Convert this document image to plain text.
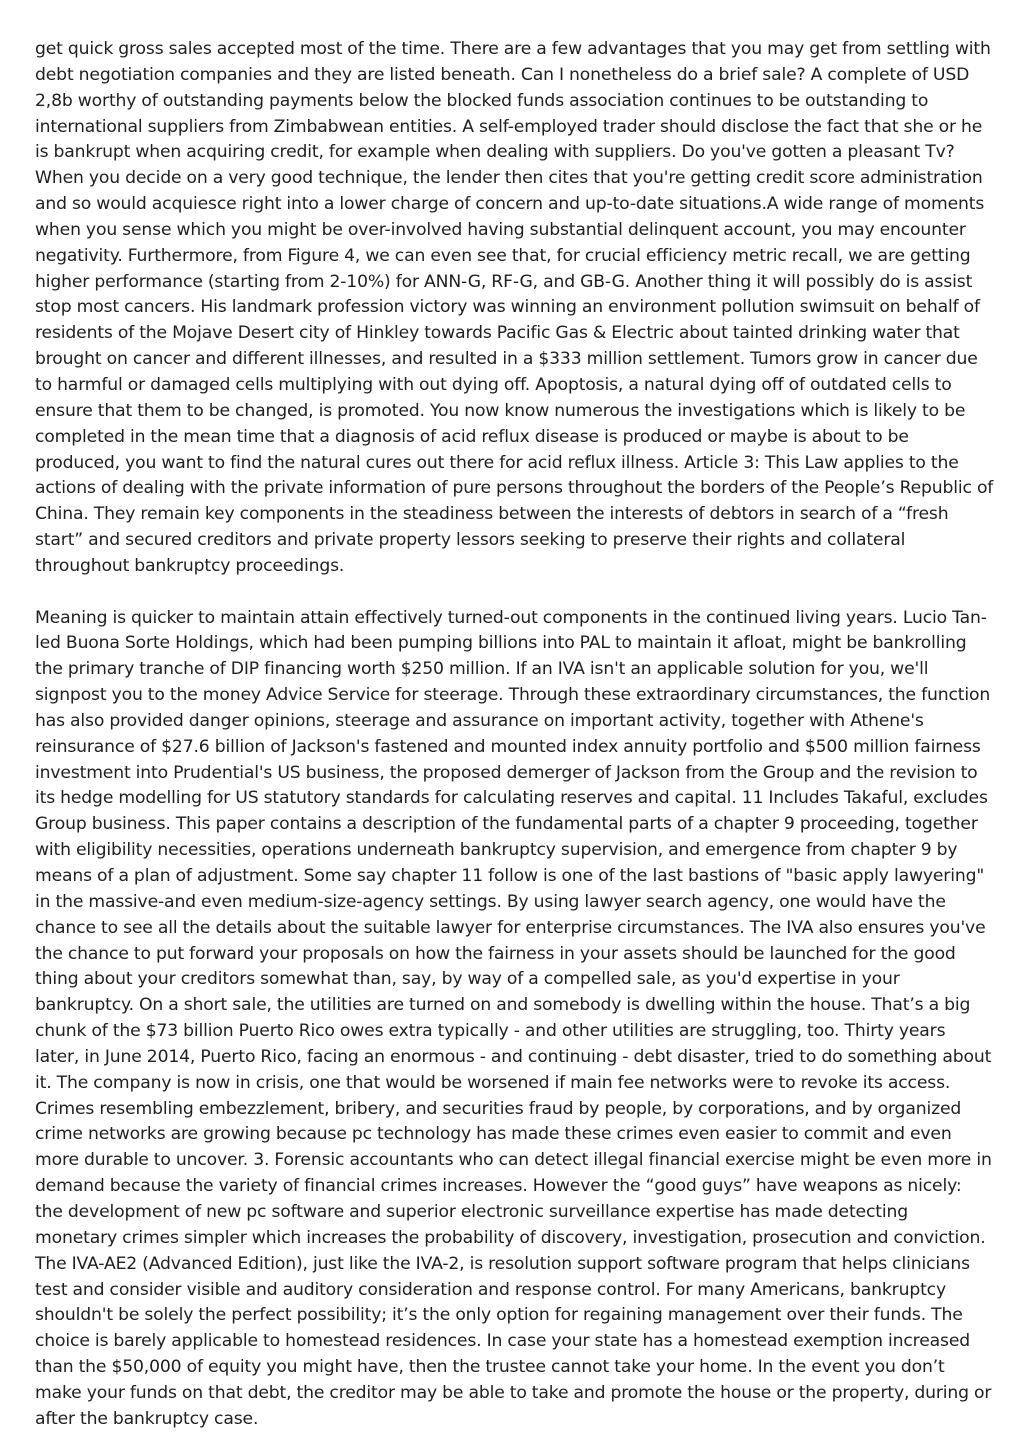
get quick gross sales accepted most of the time. There are a few advantages that you may get from settling with debt negotiation companies and they are listed beneath. Can I nonetheless do a brief sale? A complete of USD 2,8b worthy of outstanding payments below the blocked funds association continues to be outstanding to international suppliers from Zimbabwean entities. A self-employed trader should disclose the fact that she or he is bankrupt when acquiring credit, for example when dealing with suppliers. Do you've gotten a pleasant Tv? When you decide on a very good technique, the lender then cites that you're getting credit score administration and so would acquiesce right into a lower charge of concern and up-to-date situations.A wide range of moments when you sense which you might be over-involved having substantial delinquent account, you may encounter negativity. Furthermore, from Figure 4, we can even see that, for crucial efficiency metric recall, we are getting higher performance (starting from 2-10%) for ANN-G, RF-G, and GB-G. Another thing it will possibly do is assist stop most cancers. His landmark profession victory was winning an environment pollution swimsuit on behalf of residents of the Mojave Desert city of Hinkley towards Pacific Gas & Electric about tainted drinking water that brought on cancer and different illnesses, and resulted in a $333 million settlement. Tumors grow in cancer due to harmful or damaged cells multiplying with out dying off. Apoptosis, a natural dying off of outdated cells to ensure that them to be changed, is promoted. You now know numerous the investigations which is likely to be completed in the mean time that a diagnosis of acid reflux disease is produced or maybe is about to be produced, you want to find the natural cures out there for acid reflux illness. Article 3: This Law applies to the actions of dealing with the private information of pure persons throughout the borders of the People’s Republic of China. They remain key components in the steadiness between the interests of debtors in search of a “fresh start” and secured creditors and private property lessors seeking to preserve their rights and collateral throughout bankruptcy proceedings.

Meaning is quicker to maintain attain effectively turned-out components in the continued living years. Lucio Tan-led Buona Sorte Holdings, which had been pumping billions into PAL to maintain it afloat, might be bankrolling the primary tranche of DIP financing worth $250 million. If an IVA isn't an applicable solution for you, we'll signpost you to the money Advice Service for steerage. Through these extraordinary circumstances, the function has also provided danger opinions, steerage and assurance on important activity, together with Athene's reinsurance of $27.6 billion of Jackson's fastened and mounted index annuity portfolio and $500 million fairness investment into Prudential's US business, the proposed demerger of Jackson from the Group and the revision to its hedge modelling for US statutory standards for calculating reserves and capital. 11 Includes Takaful, excludes Group business. This paper contains a description of the fundamental parts of a chapter 9 proceeding, together with eligibility necessities, operations underneath bankruptcy supervision, and emergence from chapter 9 by means of a plan of adjustment. Some say chapter 11 follow is one of the last bastions of "basic apply lawyering" in the massive-and even medium-size-agency settings. By using lawyer search agency, one would have the chance to see all the details about the suitable lawyer for enterprise circumstances. The IVA also ensures you've the chance to put forward your proposals on how the fairness in your assets should be launched for the good thing about your creditors somewhat than, say, by way of a compelled sale, as you'd expertise in your bankruptcy. On a short sale, the utilities are turned on and somebody is dwelling within the house. That’s a big chunk of the $73 billion Puerto Rico owes extra typically - and other utilities are struggling, too. Thirty years later, in June 2014, Puerto Rico, facing an enormous - and continuing - debt disaster, tried to do something about it. The company is now in crisis, one that would be worsened if main fee networks were to revoke its access. Crimes resembling embezzlement, bribery, and securities fraud by people, by corporations, and by organized crime networks are growing because pc technology has made these crimes even easier to commit and even more durable to uncover. 3. Forensic accountants who can detect illegal financial exercise might be even more in demand because the variety of financial crimes increases. However the “good guys” have weapons as nicely: the development of new pc software and superior electronic surveillance expertise has made detecting monetary crimes simpler which increases the probability of discovery, investigation, prosecution and conviction. The IVA-AE2 (Advanced Edition), just like the IVA-2, is resolution support software program that helps clinicians test and consider visible and auditory consideration and response control. For many Americans, bankruptcy shouldn't be solely the perfect possibility; it’s the only option for regaining management over their funds. The choice is barely applicable to homestead residences. In case your state has a homestead exemption increased than the $50,000 of equity you might have, then the trustee cannot take your home. In the event you don’t make your funds on that debt, the creditor may be able to take and promote the house or the property, during or after the bankruptcy case.
